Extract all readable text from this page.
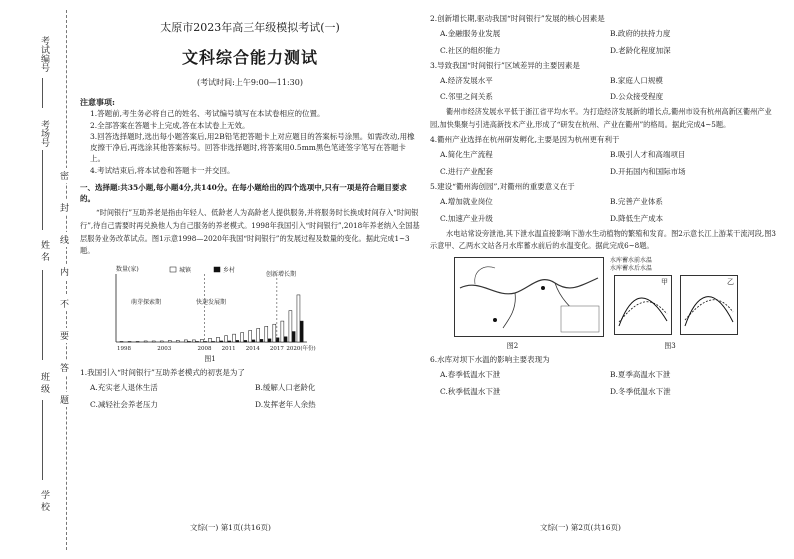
考试编号
考场号
姓 名
班 级
学 校
密
封
线
内
不
要
答
题
太原市2023年高三年级模拟考试(一)
文科综合能力测试
(考试时间:上午9:00—11:30)
注意事项:
1.答题前,考生务必将自己的姓名、考试编号填写在本试卷相应的位置。
2.全部答案在答题卡上完成,答在本试卷上无效。
3.回答选择题时,选出每小题答案后,用2B铅笔把答题卡上对应题目的答案标号涂黑。如需改动,用橡皮擦干净后,再选涂其他答案标号。回答非选择题时,将答案用0.5mm黑色笔迹签字笔写在答题卡上。
4.考试结束后,将本试卷和答题卡一并交回。
一、选择题:共35小题,每小题4分,共140分。在每小题给出的四个选项中,只有一项是符合题目要求的。
“时间银行”互助养老是指由年轻人、低龄老人为高龄老人提供服务,并将服务时长换成时间存入“时间银行”,待自己需要时再兑换他人为自己服务的养老模式。1998年我国引入“时间银行”,2018年养老纳入全国基层服务业务改革试点。图1示意1998—2020年我国“时间银行”的发展过程及数量的变化。据此完成1~3题。
数量(家)
萌芽探索期	快速发展期
创新增长期
城镇	乡村
1998	2003	2008 2011 2014 2017 2020(年份)
图1
1.我国引入“时间银行”互助养老模式的初衷是为了
A.充实老人退休生活	B.缓解人口老龄化
C.减轻社会养老压力	D.发挥老年人余热
文综(一) 第1页(共16页)
2.创新增长期,驱动我国“时间银行”发展的核心因素是
A.金融服务业发展	B.政府的扶持力度
C.社区的组织能力	D.老龄化程度加深
3.导致我国“时间银行”区域差异的主要因素是
A.经济发展水平	B.家庭人口规模
C.邻里之间关系	D.公众接受程度
衢州市经济发展水平低于浙江省平均水平。为打造经济发展新的增长点,衢州市设有杭州高新区衢州产业园,加快集聚与引进高新技术产业,形成了“研发在杭州、产业在衢州”的格局。据此完成4~5题。
4.衢州产业选择在杭州研发孵化,主要是因为杭州更有利于
A.简化生产流程	B.吸引人才和高端项目
C.进行产业配套	D.开拓国内和国际市场
5.建设“衢州海创园”,对衢州的重要意义在于
A.增加就业岗位	B.完善产业体系
C.加速产业升级	D.降低生产成本
水电站常设旁泄池,其下泄水温直接影响下游水生动植物的繁殖和发育。图2示意长江上游某干流河段,图3示意甲、乙两水文站各月水库蓄水前后的水温变化。据此完成6~8题。
水库蓄水前水温
水库蓄水后水温
甲	乙
图2	图3
6.水库对坝下水温的影响主要表现为
A.春季低温水下泄	B.夏季高温水下泄
C.秋季低温水下泄	D.冬季低温水下泄
文综(一) 第2页(共16页)
